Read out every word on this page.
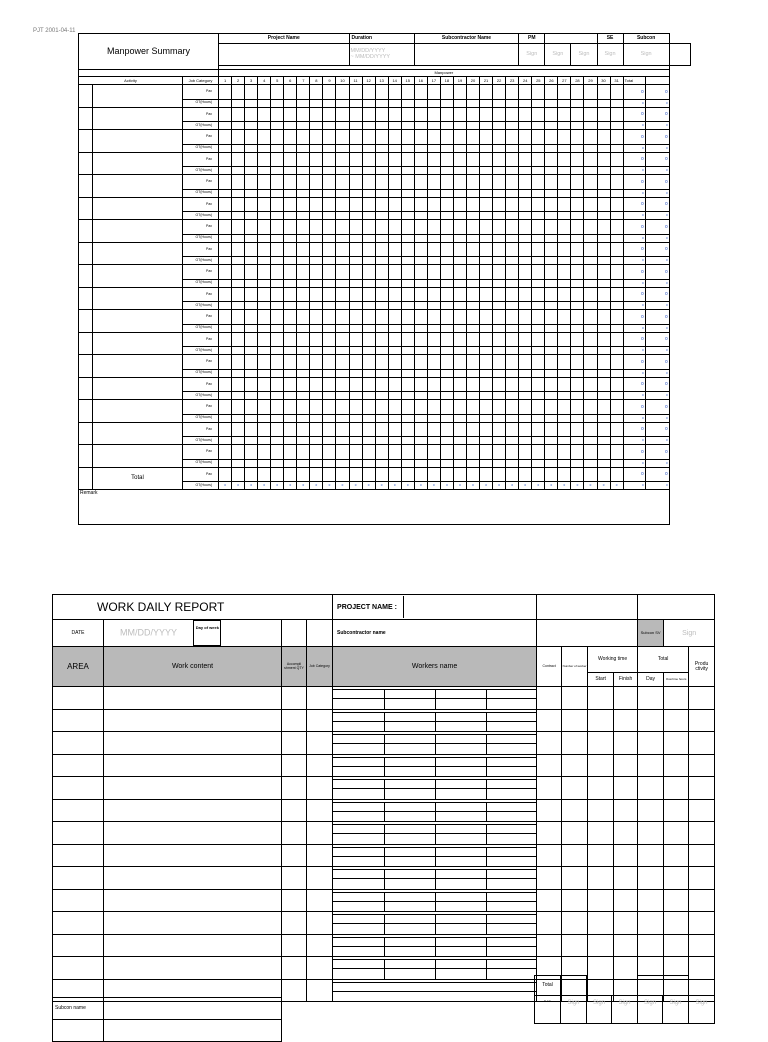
PJT 2001-04-11
Manpower Summary			Project Name										Duration					Subcontractor Name								PM						SE		Subcon		

													MM/DD/YYYY
~ MM/DD/YYYY													Sign		Sign		Sign		Sign		Sign		

			Manpower																																	
Activity		Job Category	1	2	3	4	5	6	7	8	9	10	11	12	13	14	15	16	17	18	19	20	21	22	23	24	25	26	27	28	29	30	31	Total		
		Pax																																0	0	
		OT(Hours)																																0	0	
		Pax																																0	0	
		OT(Hours)																																0	0	
		Pax																																0	0	
		OT(Hours)																																0	0	
		Pax																																0	0	
		OT(Hours)																																0	0	
		Pax																																0	0	
		OT(Hours)																																0	0	
		Pax																																0	0	
		OT(Hours)																																0	0	
		Pax																																0	0	
		OT(Hours)																																0	0	
		Pax																																0	0	
		OT(Hours)																																0	0	
		Pax																																0	0	
		OT(Hours)																																0	0	
		Pax																																0	0	
		OT(Hours)																																0	0	
		Pax																																0	0	
		OT(Hours)																																0	0	
		Pax																																0	0	
		OT(Hours)																																0	0	
		Pax																																0	0	
		OT(Hours)																																0	0	
		Pax																																0	0	
		OT(Hours)																																0	0	
		Pax																																0	0	
		OT(Hours)																																0	0	
		Pax																																0	0	
		OT(Hours)																																0	0	
		Pax																																0	0	
		OT(Hours)																																0	0	
	Total	Pax																																0	0	
		OT(Hours)	0	0	0	0	0	0	0	0	0	0	0	0	0	0	0	0	0	0	0	0	0	0	0	0	0	0	0	0	0	0	0	0	0	
Remark																																				
WORK DAILY REPORT				PROJECT NAME :							
DATE	MM/DD/YYYY Day of week			Subcontractor name					Subcon SV	Sign	
AREA	Work content	Accompli shment QTY	Job Category	Workers name	Contract	Number of worker	Working time		Total		Produ ctivity
							Start	Finish	Day	Overtime hours	

Total						
S I G	Sign	Sign	Sign	Sign	Sign	Sign
Subcon name	
